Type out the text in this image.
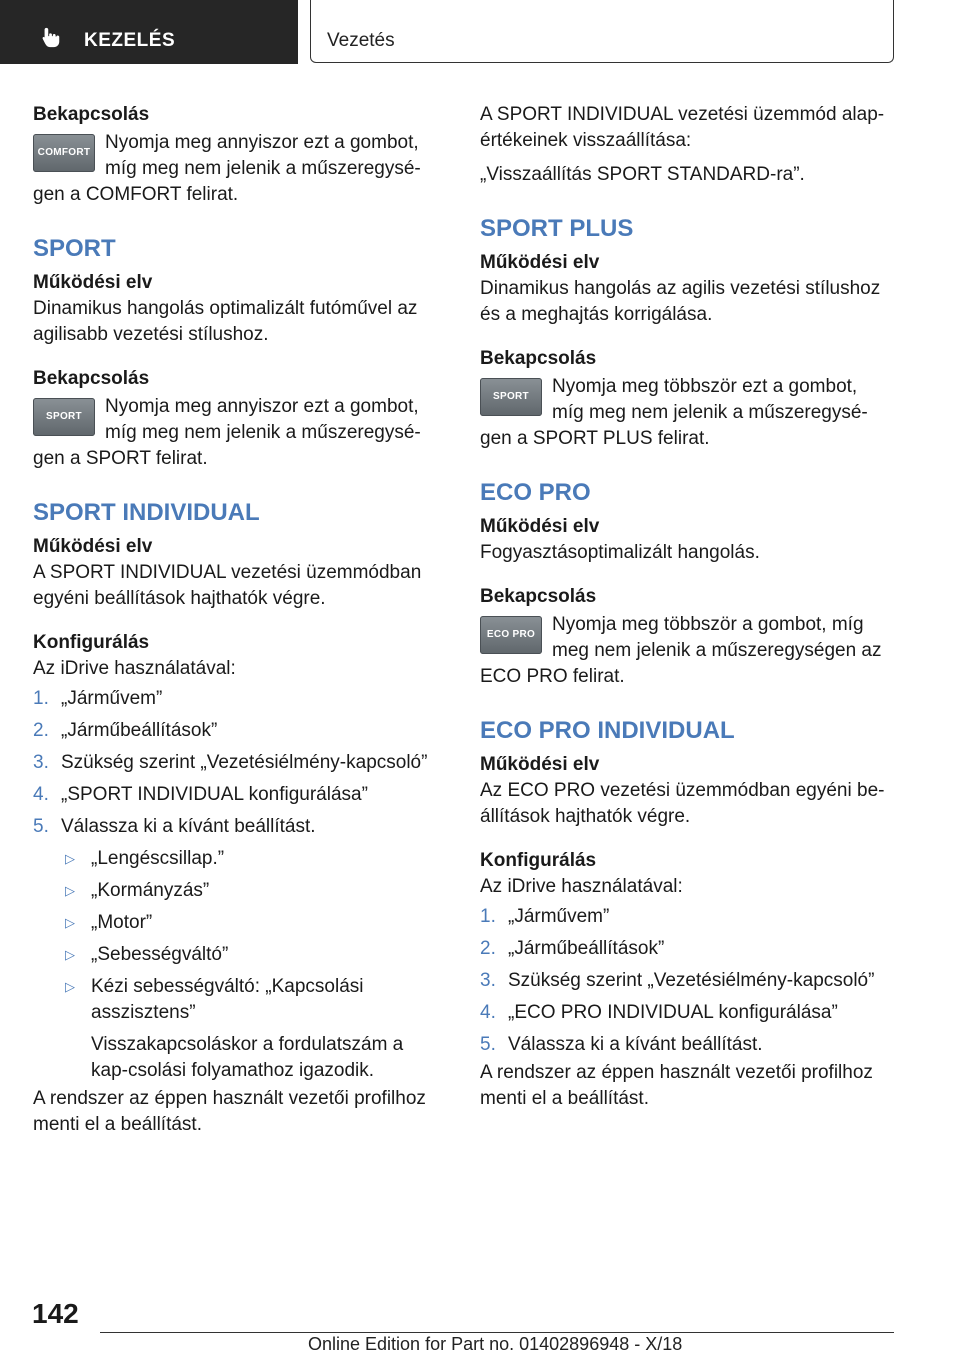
KEZELÉS	Vezetés

Bekapcsolás

COMFORT Nyomja meg annyiszor ezt a gombot, míg meg nem jelenik a műszeregysé-gen a COMFORT felirat.

SPORT

Működési elv

Dinamikus hangolás optimalizált futóművel az agilisabb vezetési stílushoz.

Bekapcsolás

SPORT	Nyomja meg annyiszor ezt a gombot, míg meg nem jelenik a műszeregysé-gen a SPORT felirat.

SPORT INDIVIDUAL

Működési elv

A SPORT INDIVIDUAL vezetési üzemmódban egyéni beállítások hajthatók végre.

Konfigurálás

Az iDrive használatával:

1. „Járművem”
2. „Járműbeállítások”
3. Szükség szerint „Vezetésiélmény-kapcsoló”
4. „SPORT INDIVIDUAL konfigurálása”
5. Válassza ki a kívánt beállítást.
▷ „Lengéscsillap.”
▷ „Kormányzás”
▷ „Motor”
▷ „Sebességváltó”
▷ Kézi sebességváltó: „Kapcsolási asszisztens”
Visszakapcsoláskor a fordulatszám a kap-csolási folyamathoz igazodik.

A rendszer az éppen használt vezetői profilhoz menti el a beállítást.

A SPORT INDIVIDUAL vezetési üzemmód alap-értékeinek visszaállítása:

„Visszaállítás SPORT STANDARD-ra”.

SPORT PLUS

Működési elv

Dinamikus hangolás az agilis vezetési stílushoz és a meghajtás korrigálása.

Bekapcsolás

SPORT	Nyomja meg többször ezt a gombot, míg meg nem jelenik a műszeregysé-gen a SPORT PLUS felirat.

ECO PRO

Működési elv

Fogyasztásoptimalizált hangolás.

Bekapcsolás

ECO PRO Nyomja meg többször a gombot, míg meg nem jelenik a műszeregységen az ECO PRO felirat.

ECO PRO INDIVIDUAL

Működési elv

Az ECO PRO vezetési üzemmódban egyéni be-állítások hajthatók végre.

Konfigurálás

Az iDrive használatával:

1. „Járművem”
2. „Járműbeállítások”
3. Szükség szerint „Vezetésiélmény-kapcsoló”
4. „ECO PRO INDIVIDUAL konfigurálása”
5. Válassza ki a kívánt beállítást.

A rendszer az éppen használt vezetői profilhoz menti el a beállítást.

142
Online Edition for Part no. 01402896948 - X/18
